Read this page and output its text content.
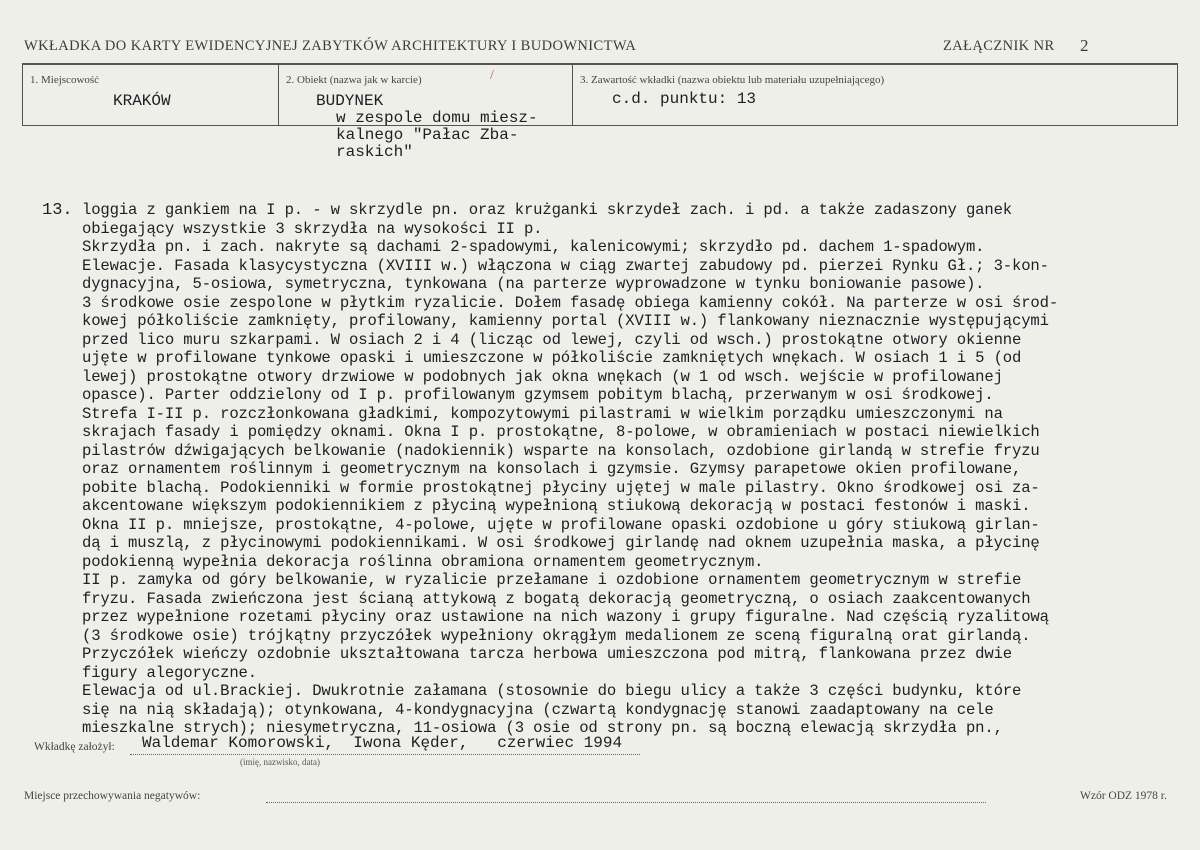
WKŁADKA DO KARTY EWIDENCYJNEJ ZABYTKÓW ARCHITEKTURY I BUDOWNICTWA	ZAŁĄCZNIK NR 2
1. Miejscowość
KRAKÓW
2. Obiekt (nazwa jak w karcie)	/
BUDYNEK
w zespole domu miesz-
kalnego "Pałac Zba-
raskich"
3. Zawartość wkładki (nazwa obiektu lub materiału uzupełniającego)
c.d. punktu: 13
13. loggia z gankiem na I p. - w skrzydle pn. oraz krużganki skrzydeł zach. i pd. a także zadaszony ganek
obiegający wszystkie 3 skrzydła na wysokości II p.
Skrzydła pn. i zach. nakryte są dachami 2-spadowymi, kalenicowymi; skrzydło pd. dachem 1-spadowym.
Elewacje. Fasada klasycystyczna (XVIII w.) włączona w ciąg zwartej zabudowy pd. pierzei Rynku Gł.; 3-kon-
dygnacyjna, 5-osiowa, symetryczna, tynkowana (na parterze wyprowadzone w tynku boniowanie pasowe).
3 środkowe osie zespolone w płytkim ryzalicie. Dołem fasadę obiega kamienny cokół. Na parterze w osi środ-
kowej półkoliście zamknięty, profilowany, kamienny portal (XVIII w.) flankowany nieznacznie występującymi
przed lico muru szkarpami. W osiach 2 i 4 (licząc od lewej, czyli od wsch.) prostokątne otwory okienne
ujęte w profilowane tynkowe opaski i umieszczone w półkoliście zamkniętych wnękach. W osiach 1 i 5 (od
lewej) prostokątne otwory drzwiowe w podobnych jak okna wnękach (w 1 od wsch. wejście w profilowanej
opasce). Parter oddzielony od I p. profilowanym gzymsem pobitym blachą, przerwanym w osi środkowej.
Strefa I-II p. rozczłonkowana gładkimi, kompozytowymi pilastrami w wielkim porządku umieszczonymi na
skrajach fasady i pomiędzy oknami. Okna I p. prostokątne, 8-polowe, w obramieniach w postaci niewielkich
pilastrów dźwigających belkowanie (nadokiennik) wsparte na konsolach, ozdobione girlandą w strefie fryzu
oraz ornamentem roślinnym i geometrycznym na konsolach i gzymsie. Gzymsy parapetowe okien profilowane,
pobite blachą. Podokienniki w formie prostokątnej płyciny ujętej w male pilastry. Okno środkowej osi za-
akcentowane większym podokiennikiem z płyciną wypełnioną stiukową dekoracją w postaci festonów i maski.
Okna II p. mniejsze, prostokątne, 4-polowe, ujęte w profilowane opaski ozdobione u góry stiukową girlan-
dą i muszlą, z płycinowymi podokiennikami. W osi środkowej girlandę nad oknem uzupełnia maska, a płycinę
podokienną wypełnia dekoracja roślinna obramiona ornamentem geometrycznym.
II p. zamyka od góry belkowanie, w ryzalicie przełamane i ozdobione ornamentem geometrycznym w strefie
fryzu. Fasada zwieńczona jest ścianą attykową z bogatą dekoracją geometryczną, o osiach zaakcentowanych
przez wypełnione rozetami płyciny oraz ustawione na nich wazony i grupy figuralne. Nad częścią ryzalitową
(3 środkowe osie) trójkątny przyczółek wypełniony okrągłym medalionem ze sceną figuralną orat girlandą.
Przyczółek wieńczy ozdobnie ukształtowana tarcza herbowa umieszczona pod mitrą, flankowana przez dwie
figury alegoryczne.
Elewacja od ul.Brackiej. Dwukrotnie załamana (stosownie do biegu ulicy a także 3 części budynku, które
się na nią składają); otynkowana, 4-kondygnacyjna (czwartą kondygnację stanowi zaadaptowany na cele
mieszkalne strych); niesymetryczna, 11-osiowa (3 osie od strony pn. są boczną elewacją skrzydła pn.,
Wkładkę założył: Waldemar Komorowski,  Iwona Kęder,   czerwiec 1994
(imię, nazwisko, data)
Miejsce przechowywania negatywów:	Wzór ODZ 1978 r.
